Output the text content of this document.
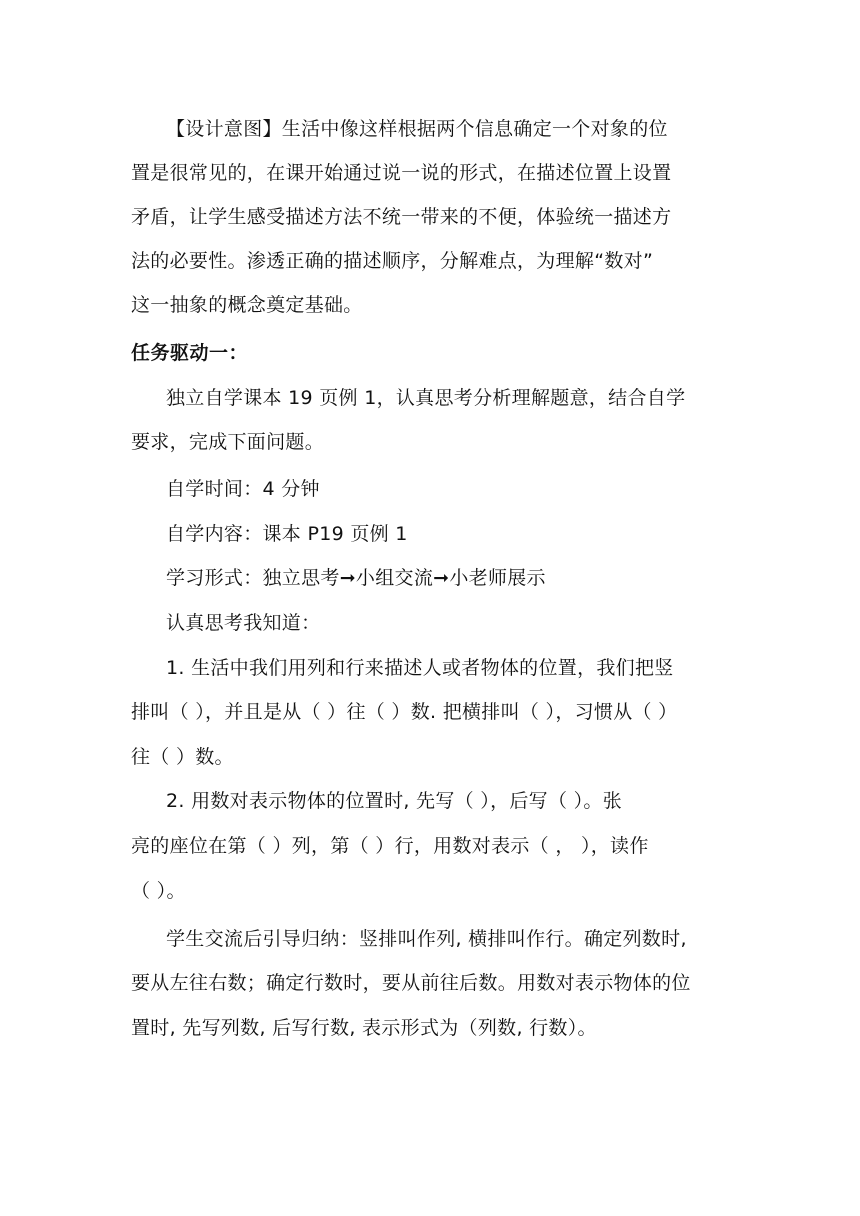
【设计意图】生活中像这样根据两个信息确定一个对象的位
置是很常见的，在课开始通过说一说的形式，在描述位置上设置
矛盾，让学生感受描述方法不统一带来的不便，体验统一描述方
法的必要性。渗透正确的描述顺序，分解难点，为理解“数对”
这一抽象的概念奠定基础。
任务驱动一：
独立自学课本 19 页例 1，认真思考分析理解题意，结合自学
要求，完成下面问题。
自学时间：4 分钟
自学内容：课本 P19 页例 1
学习形式：独立思考➞小组交流➞小老师展示
认真思考我知道：
1. 生活中我们用列和行来描述人或者物体的位置，我们把竖
排叫（ ），并且是从（ ）往（ ）数. 把横排叫（ ），习惯从（ ）
往（ ）数。
2. 用数对表示物体的位置时, 先写（ ），后写（ ）。张
亮的座位在第（ ）列，第（ ）行，用数对表示（ ， ），读作
（ ）。
学生交流后引导归纳：竖排叫作列, 横排叫作行。确定列数时,
要从左往右数；确定行数时，要从前往后数。用数对表示物体的位
置时, 先写列数, 后写行数, 表示形式为（列数, 行数）。
